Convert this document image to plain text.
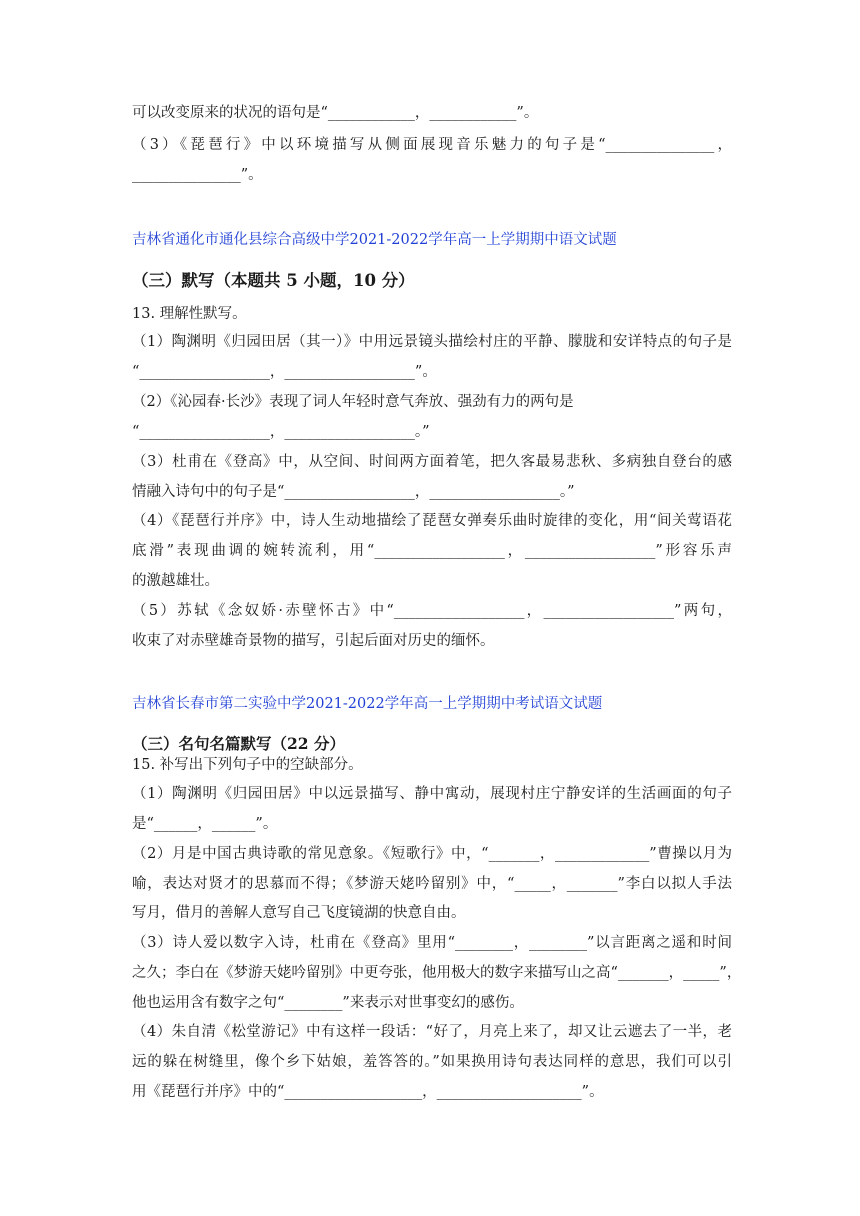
可以改变原来的状况的语句是“____________，____________”。
（3）《琵琶行》中以环境描写从侧面展现音乐魅力的句子是“_______________，
_______________”。
吉林省通化市通化县综合高级中学2021-2022学年高一上学期期中语文试题
（三）默写（本题共 5 小题，10 分）
13. 理解性默写。
（1）陶渊明《归园田居（其一）》中用远景镜头描绘村庄的平静、朦胧和安详特点的句子是
“__________________，__________________”。
（2）《沁园春·长沙》表现了词人年轻时意气奔放、强劲有力的两句是
“__________________，__________________。”
（3）杜甫在《登高》中，从空间、时间两方面着笔，把久客最易悲秋、多病独自登台的感
情融入诗句中的句子是“__________________，__________________。”
（4）《琵琶行并序》中，诗人生动地描绘了琵琶女弹奏乐曲时旋律的变化，用“间关莺语花
底滑”表现曲调的婉转流利，用“__________________，__________________”形容乐声
的激越雄壮。
（5）苏轼《念奴娇·赤壁怀古》中“__________________，__________________”两句，
收束了对赤壁雄奇景物的描写，引起后面对历史的缅怀。
吉林省长春市第二实验中学2021-2022学年高一上学期期中考试语文试题
（三）名句名篇默写（22 分）
15. 补写出下列句子中的空缺部分。
（1）陶渊明《归园田居》中以远景描写、静中寓动，展现村庄宁静安详的生活画面的句子
是“______，______”。
（2）月是中国古典诗歌的常见意象。《短歌行》中，“_______，_____________”曹操以月为
喻，表达对贤才的思慕而不得；《梦游天姥吟留别》中，“_____，_______”李白以拟人手法
写月，借月的善解人意写自己飞度镜湖的快意自由。
（3）诗人爱以数字入诗，杜甫在《登高》里用“________，________”以言距离之遥和时间
之久；李白在《梦游天姥吟留别》中更夸张，他用极大的数字来描写山之高“_______，_____”，
他也运用含有数字之句“________”来表示对世事变幻的感伤。
（4）朱自清《松堂游记》中有这样一段话：“好了，月亮上来了，却又让云遮去了一半，老
远的躲在树缝里，像个乡下姑娘，羞答答的。”如果换用诗句表达同样的意思，我们可以引
用《琵琶行并序》中的“___________________，____________________”。
